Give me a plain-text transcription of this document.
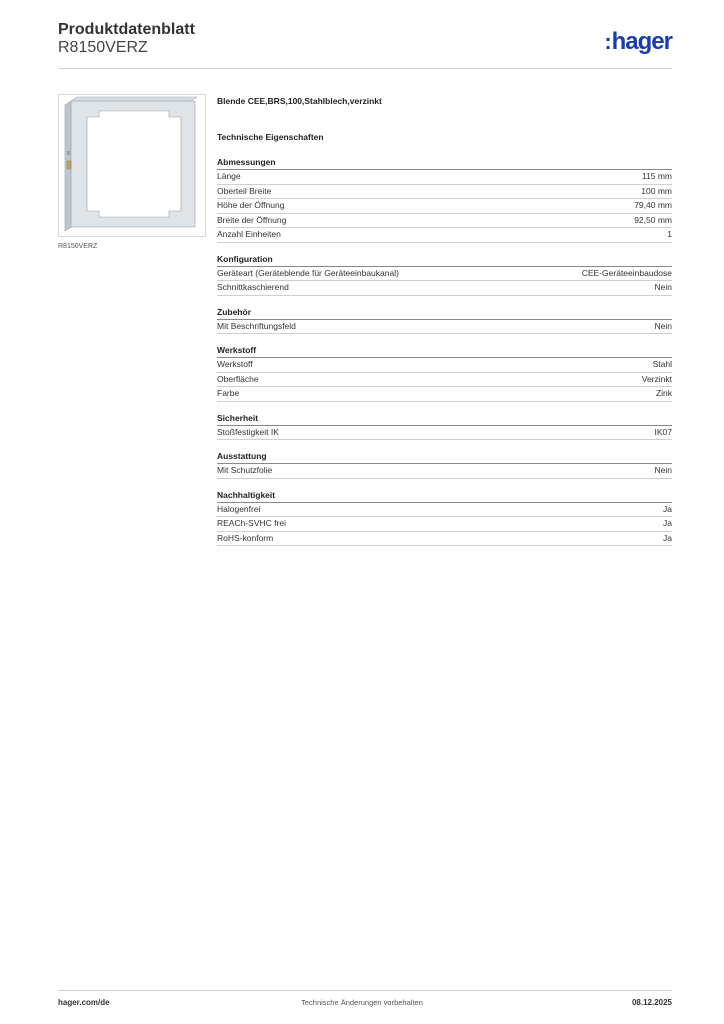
Produktdatenblatt
R8150VERZ	:hager
R8150VERZ
Blende CEE,BRS,100,Stahlblech,verzinkt
Technische Eigenschaften
Abmessungen
Länge	115 mm
Oberteil Breite	100 mm
Höhe der Öffnung	79,40 mm
Breite der Öffnung	92,50 mm
Anzahl Einheiten	1
Konfiguration
Geräteart (Geräteblende für Geräteeinbaukanal)	CEE-Geräteeinbaudose
Schnittkaschierend	Nein
Zubehör
Mit Beschriftungsfeld	Nein
Werkstoff
Werkstoff	Stahl
Oberfläche	Verzinkt
Farbe	Zink
Sicherheit
Stoßfestigkeit IK	IK07
Ausstattung
Mit Schutzfolie	Nein
Nachhaltigkeit
Halogenfrei	Ja
REACh-SVHC frei	Ja
RoHS-konform	Ja
hager.com/de	Technische Änderungen vorbehalten	08.12.2025
